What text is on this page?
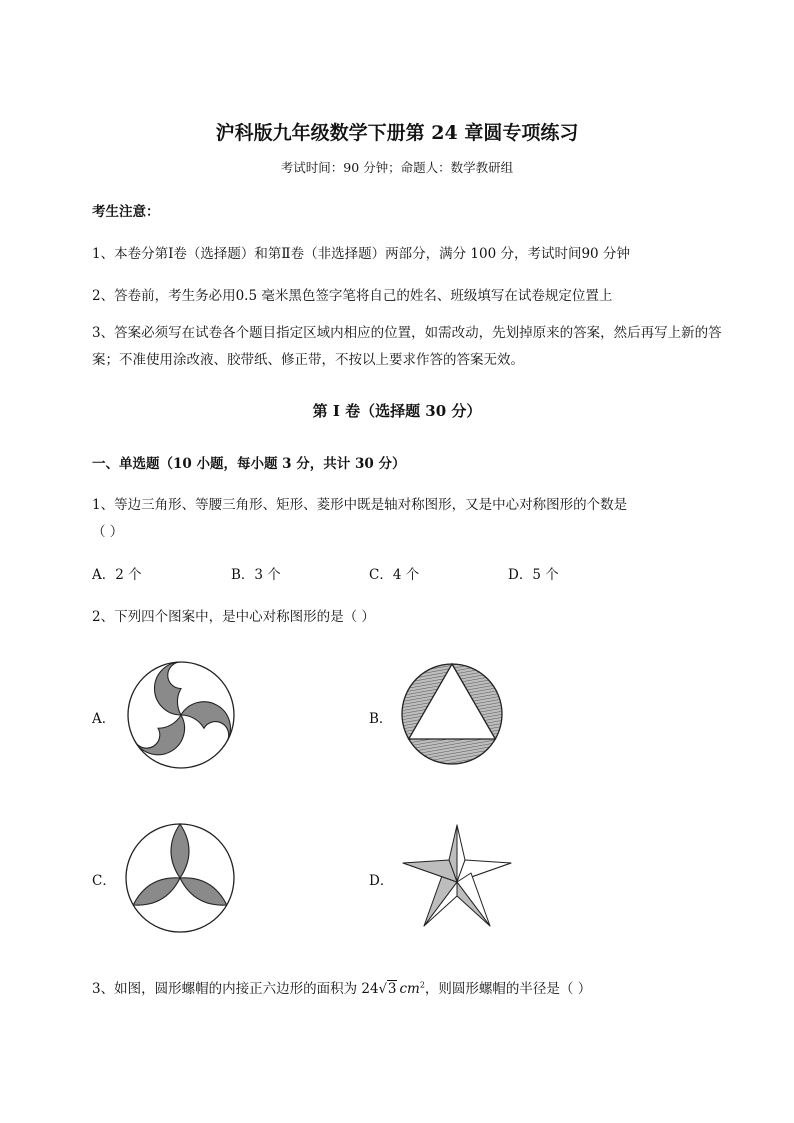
沪科版九年级数学下册第 24 章圆专项练习
考试时间：90 分钟；命题人：数学教研组
考生注意：
1、本卷分第I卷（选择题）和第Ⅱ卷（非选择题）两部分，满分 100 分，考试时间90 分钟
2、答卷前，考生务必用0.5 毫米黑色签字笔将自己的姓名、班级填写在试卷规定位置上
3、答案必须写在试卷各个题目指定区域内相应的位置，如需改动，先划掉原来的答案，然后再写上新的答案；不准使用涂改液、胶带纸、修正带，不按以上要求作答的答案无效。
第 I 卷（选择题 30 分）
一、单选题（10 小题，每小题 3 分，共计 30 分）
1、等边三角形、等腰三角形、矩形、菱形中既是轴对称图形，又是中心对称图形的个数是
（ ）
A．2 个	B．3 个	C．4 个	D．5 个
2、下列四个图案中，是中心对称图形的是（ ）
A．	B．
C．	D．
3、如图，圆形螺帽的内接正六边形的面积为 24√3 $cm^2$，则圆形螺帽的半径是（ ）
